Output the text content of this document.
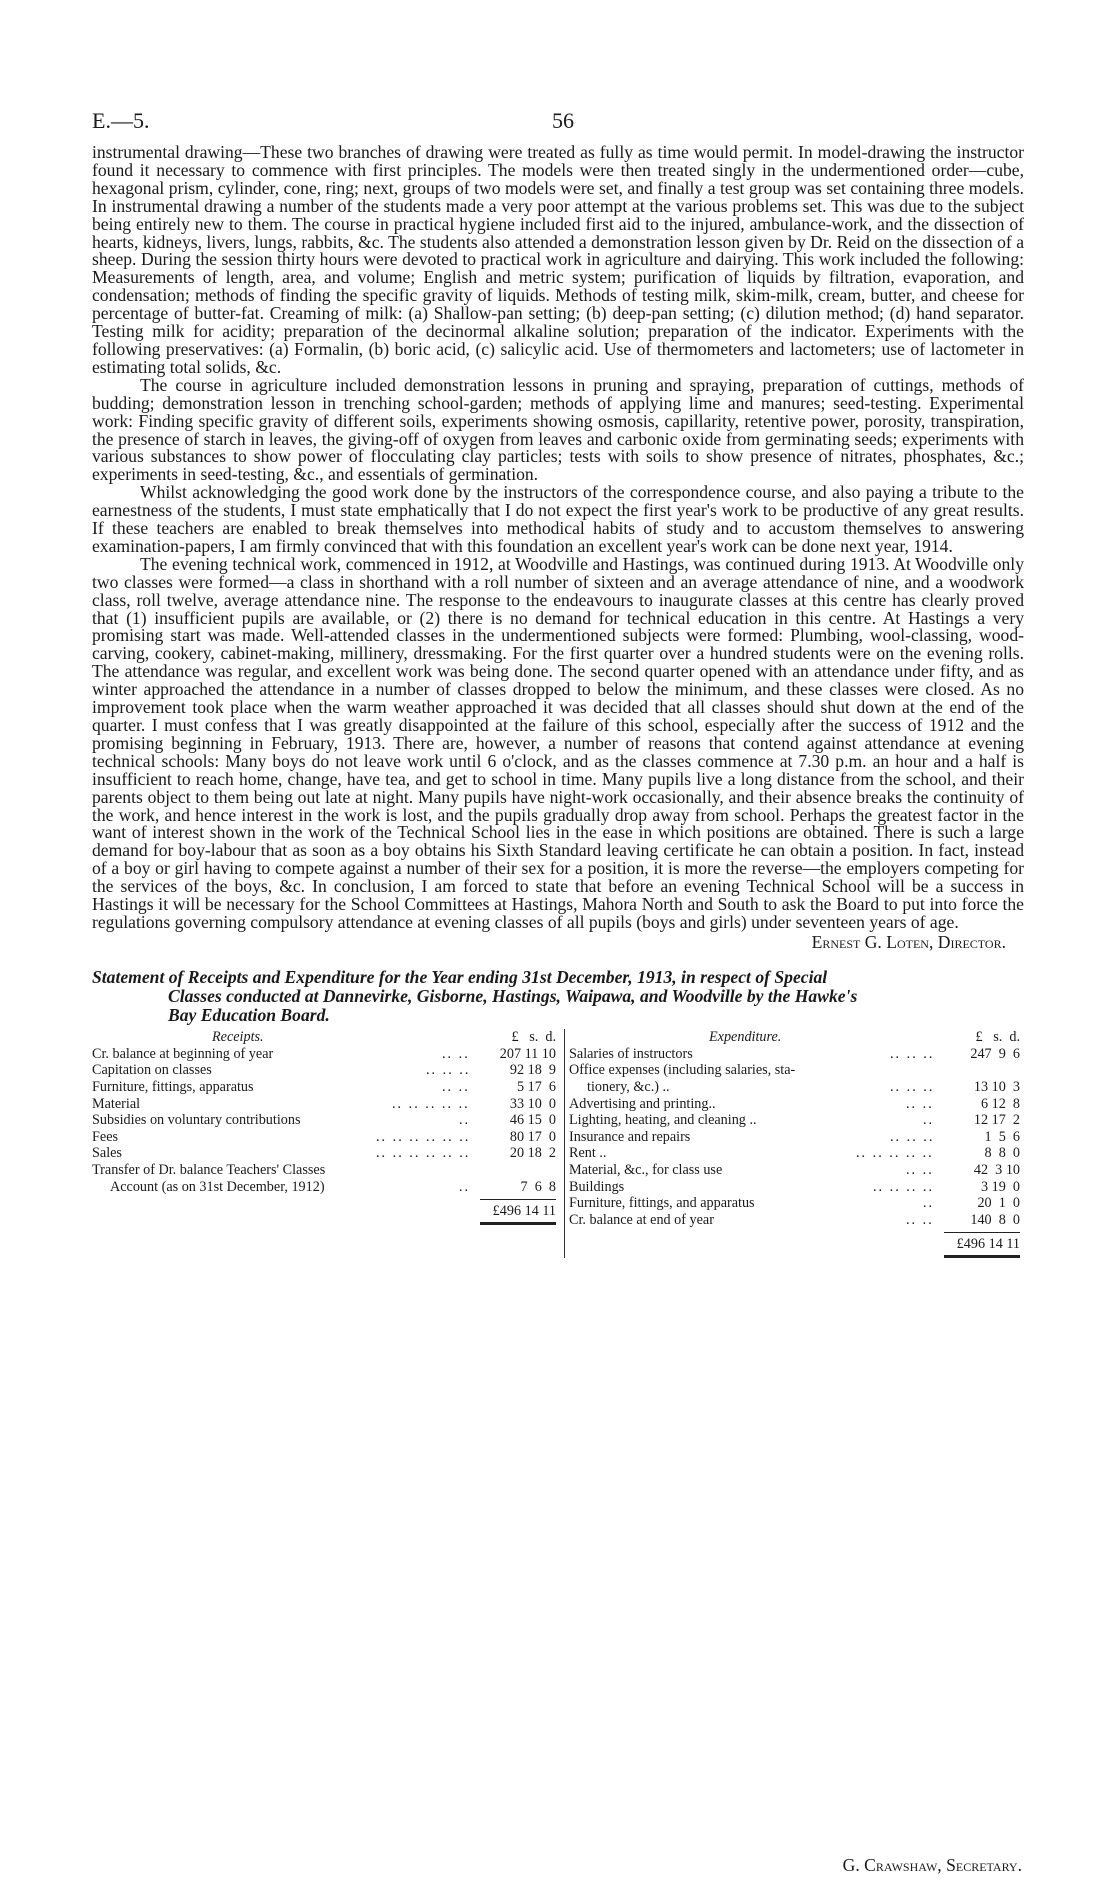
E.—5.	56

instrumental drawing—These two branches of drawing were treated as fully as time would permit. In model-drawing the instructor found it necessary to commence with first principles. The models were then treated singly in the undermentioned order—cube, hexagonal prism, cylinder, cone, ring; next, groups of two models were set, and finally a test group was set containing three models. In instrumental drawing a number of the students made a very poor attempt at the various problems set. This was due to the subject being entirely new to them. The course in practical hygiene included first aid to the injured, ambulance-work, and the dissection of hearts, kidneys, livers, lungs, rabbits, &c. The students also attended a demonstration lesson given by Dr. Reid on the dissection of a sheep. During the session thirty hours were devoted to practical work in agriculture and dairying. This work included the following: Measurements of length, area, and volume; English and metric system; purification of liquids by filtration, evaporation, and condensation; methods of finding the specific gravity of liquids. Methods of testing milk, skim-milk, cream, butter, and cheese for percentage of butter-fat. Creaming of milk: (a) Shallow-pan setting; (b) deep-pan setting; (c) dilution method; (d) hand separator. Testing milk for acidity; preparation of the decinormal alkaline solution; preparation of the indicator. Experiments with the following preservatives: (a) Formalin, (b) boric acid, (c) salicylic acid. Use of thermometers and lactometers; use of lactometer in estimating total solids, &c.

The course in agriculture included demonstration lessons in pruning and spraying, preparation of cuttings, methods of budding; demonstration lesson in trenching school-garden; methods of applying lime and manures; seed-testing. Experimental work: Finding specific gravity of different soils, experiments showing osmosis, capillarity, retentive power, porosity, transpiration, the presence of starch in leaves, the giving-off of oxygen from leaves and carbonic oxide from germinating seeds; experiments with various substances to show power of flocculating clay particles; tests with soils to show presence of nitrates, phosphates, &c.; experiments in seed-testing, &c., and essentials of germination.

Whilst acknowledging the good work done by the instructors of the correspondence course, and also paying a tribute to the earnestness of the students, I must state emphatically that I do not expect the first year's work to be productive of any great results. If these teachers are enabled to break themselves into methodical habits of study and to accustom themselves to answering examination-papers, I am firmly convinced that with this foundation an excellent year's work can be done next year, 1914.

The evening technical work, commenced in 1912, at Woodville and Hastings, was continued during 1913. At Woodville only two classes were formed—a class in shorthand with a roll number of sixteen and an average attendance of nine, and a woodwork class, roll twelve, average attendance nine. The response to the endeavours to inaugurate classes at this centre has clearly proved that (1) insufficient pupils are available, or (2) there is no demand for technical education in this centre. At Hastings a very promising start was made. Well-attended classes in the undermentioned subjects were formed: Plumbing, wool-classing, wood-carving, cookery, cabinet-making, millinery, dressmaking. For the first quarter over a hundred students were on the evening rolls. The attendance was regular, and excellent work was being done. The second quarter opened with an attendance under fifty, and as winter approached the attendance in a number of classes dropped to below the minimum, and these classes were closed. As no improvement took place when the warm weather approached it was decided that all classes should shut down at the end of the quarter. I must confess that I was greatly disappointed at the failure of this school, especially after the success of 1912 and the promising beginning in February, 1913. There are, however, a number of reasons that contend against attendance at evening technical schools: Many boys do not leave work until 6 o'clock, and as the classes commence at 7.30 p.m. an hour and a half is insufficient to reach home, change, have tea, and get to school in time. Many pupils live a long distance from the school, and their parents object to them being out late at night. Many pupils have night-work occasionally, and their absence breaks the continuity of the work, and hence interest in the work is lost, and the pupils gradually drop away from school. Perhaps the greatest factor in the want of interest shown in the work of the Technical School lies in the ease in which positions are obtained. There is such a large demand for boy-labour that as soon as a boy obtains his Sixth Standard leaving certificate he can obtain a position. In fact, instead of a boy or girl having to compete against a number of their sex for a position, it is more the reverse—the employers competing for the services of the boys, &c. In conclusion, I am forced to state that before an evening Technical School will be a success in Hastings it will be necessary for the School Committees at Hastings, Mahora North and South to ask the Board to put into force the regulations governing compulsory attendance at evening classes of all pupils (boys and girls) under seventeen years of age.

Ernest G. Loten, Director.
Statement of Receipts and Expenditure for the Year ending 31st December, 1913, in respect of Special
Classes conducted at Dannevirke, Gisborne, Hastings, Waipawa, and Woodville by the Hawke's
Bay Education Board.
Receipts.	£   s.  d.
Cr. balance at beginning of year	.. ..	207 11 10
Capitation on classes	.. .. ..	92 18  9
Furniture, fittings, apparatus	.. ..	5 17  6
Material	.. .. .. .. ..	33 10  0
Subsidies on voluntary contributions	..	46 15  0
Fees	.. .. .. .. .. ..	80 17  0
Sales	.. .. .. .. .. ..	20 18  2
Transfer of Dr. balance Teachers' Classes
Account (as on 31st December, 1912)	..	7  6  8
£496 14 11
Expenditure.	£   s.  d.
Salaries of instructors	.. .. ..	247  9  6
Office expenses (including salaries, sta-
tionery, &c.) ..	.. .. ..	13 10  3
Advertising and printing..	.. ..	6 12  8
Lighting, heating, and cleaning ..	..	12 17  2
Insurance and repairs	.. .. ..	1  5  6
Rent ..	.. .. .. .. ..	8  8  0
Material, &c., for class use	.. ..	42  3 10
Buildings	.. .. .. ..	3 19  0
Furniture, fittings, and apparatus	..	20  1  0
Cr. balance at end of year	.. ..	140  8  0
£496 14 11
G. Crawshaw, Secretary.
